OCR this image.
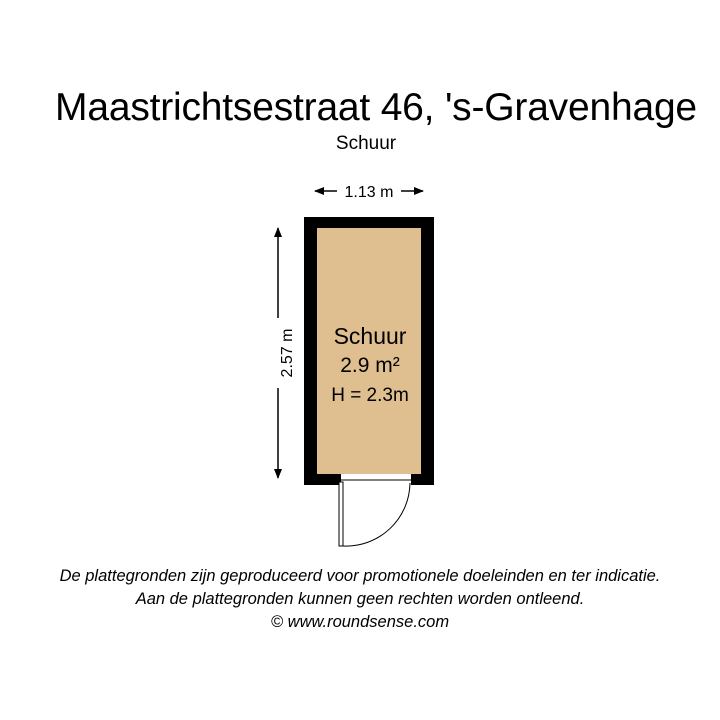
Maastrichtsestraat 46, 's-Gravenhage
Schuur
1.13 m
2.57 m Schuur
2.9 m²
H = 2.3m
De plattegronden zijn geproduceerd voor promotionele doeleinden en ter indicatie.
Aan de plattegronden kunnen geen rechten worden ontleend.
© www.roundsense.com
